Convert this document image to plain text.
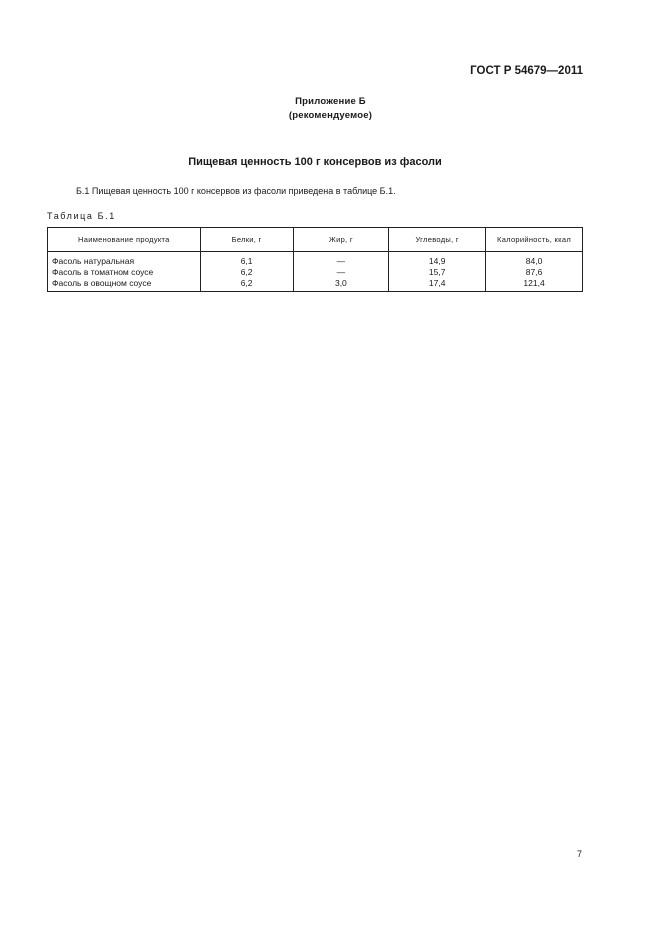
ГОСТ Р 54679—2011
Приложение Б
(рекомендуемое)
Пищевая ценность 100 г консервов из фасоли
Б.1 Пищевая ценность 100 г консервов из фасоли приведена в таблице Б.1.
Таблица Б.1
Наименование продукта	Белки, г	Жир, г	Углеводы, г	Калорийность, ккал
Фасоль натуральная	6,1	—	14,9	84,0
Фасоль в томатном соусе	6,2	—	15,7	87,6
Фасоль в овощном соусе	6,2	3,0	17,4	121,4
7
